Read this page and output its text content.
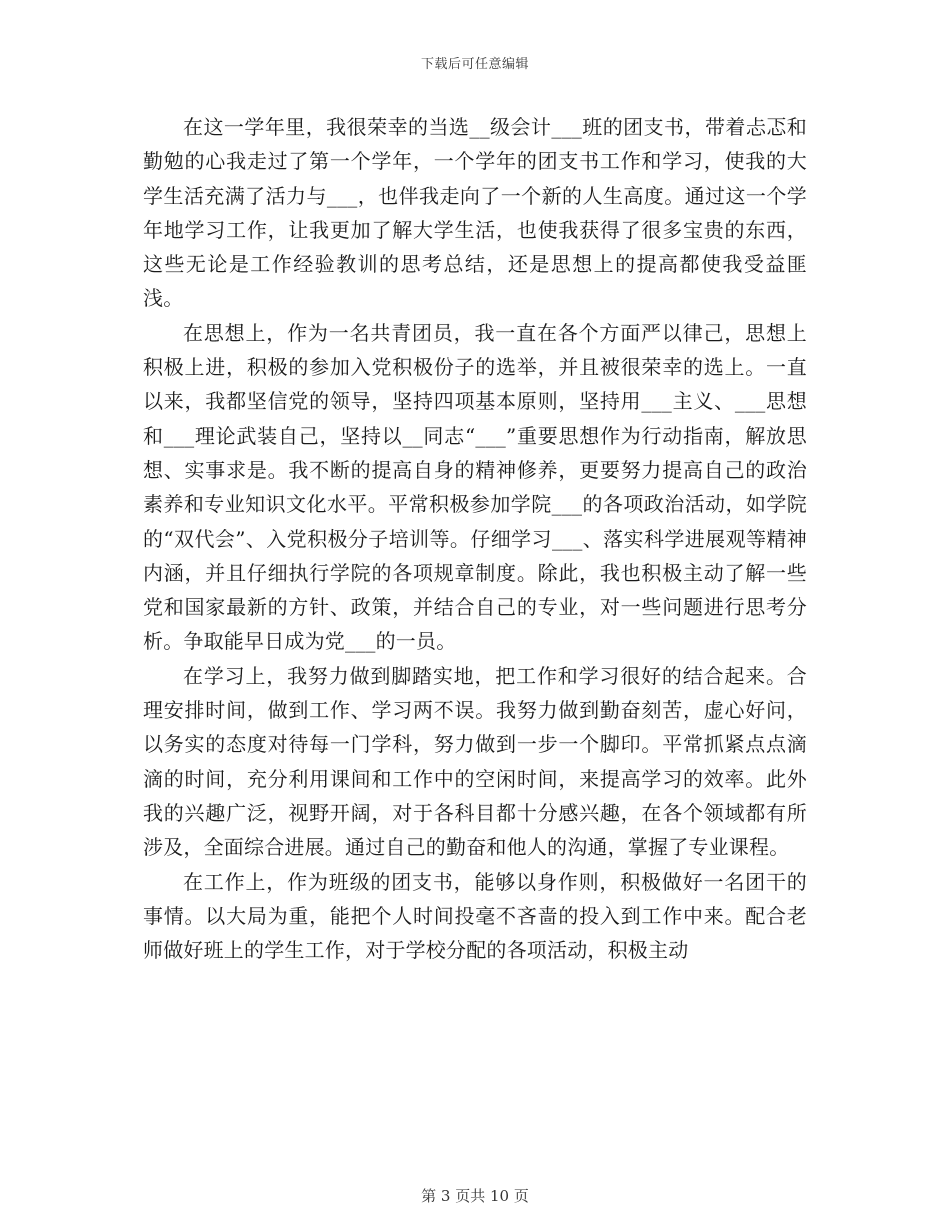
下载后可任意编辑

在这一学年里，我很荣幸的当选__级会计___班的团支书，带着忐忑和勤勉的心我走过了第一个学年，一个学年的团支书工作和学习，使我的大学生活充满了活力与___，也伴我走向了一个新的人生高度。通过这一个学年地学习工作，让我更加了解大学生活，也使我获得了很多宝贵的东西，这些无论是工作经验教训的思考总结，还是思想上的提高都使我受益匪浅。

在思想上，作为一名共青团员，我一直在各个方面严以律己，思想上积极上进，积极的参加入党积极份子的选举，并且被很荣幸的选上。一直以来，我都坚信党的领导，坚持四项基本原则，坚持用___主义、___思想和___理论武装自己，坚持以__同志“___”重要思想作为行动指南，解放思想、实事求是。我不断的提高自身的精神修养，更要努力提高自己的政治素养和专业知识文化水平。平常积极参加学院___的各项政治活动，如学院的“双代会”、入党积极分子培训等。仔细学习___、落实科学进展观等精神内涵，并且仔细执行学院的各项规章制度。除此，我也积极主动了解一些党和国家最新的方针、政策，并结合自己的专业，对一些问题进行思考分析。争取能早日成为党___的一员。

在学习上，我努力做到脚踏实地，把工作和学习很好的结合起来。合理安排时间，做到工作、学习两不误。我努力做到勤奋刻苦，虚心好问，以务实的态度对待每一门学科，努力做到一步一个脚印。平常抓紧点点滴滴的时间，充分利用课间和工作中的空闲时间，来提高学习的效率。此外我的兴趣广泛，视野开阔，对于各科目都十分感兴趣，在各个领域都有所涉及，全面综合进展。通过自己的勤奋和他人的沟通，掌握了专业课程。

在工作上，作为班级的团支书，能够以身作则，积极做好一名团干的事情。以大局为重，能把个人时间投毫不吝啬的投入到工作中来。配合老师做好班上的学生工作，对于学校分配的各项活动，积极主动

第 3 页共 10 页
